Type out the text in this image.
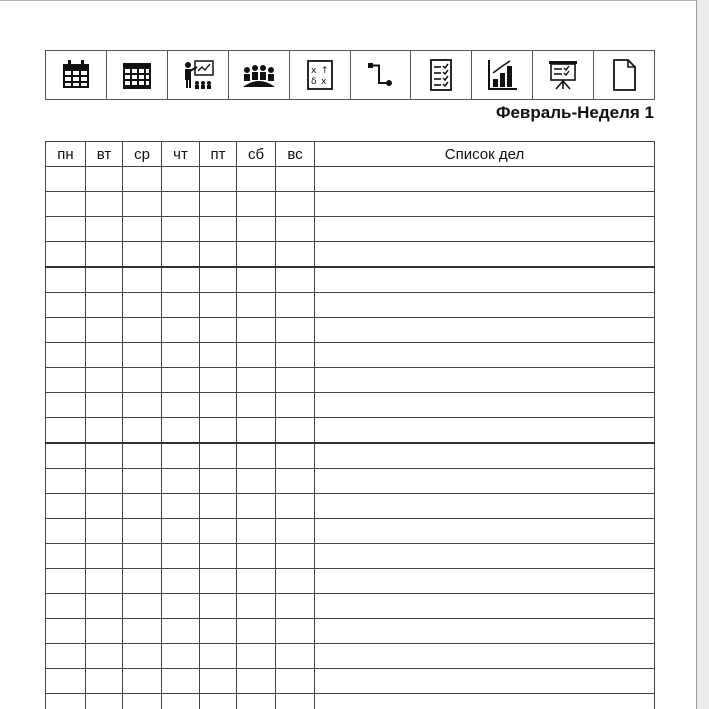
x ↑
δ x
Февраль-Неделя 1
пн	вт	ср	чт	пт	сб	вс	Список дел
